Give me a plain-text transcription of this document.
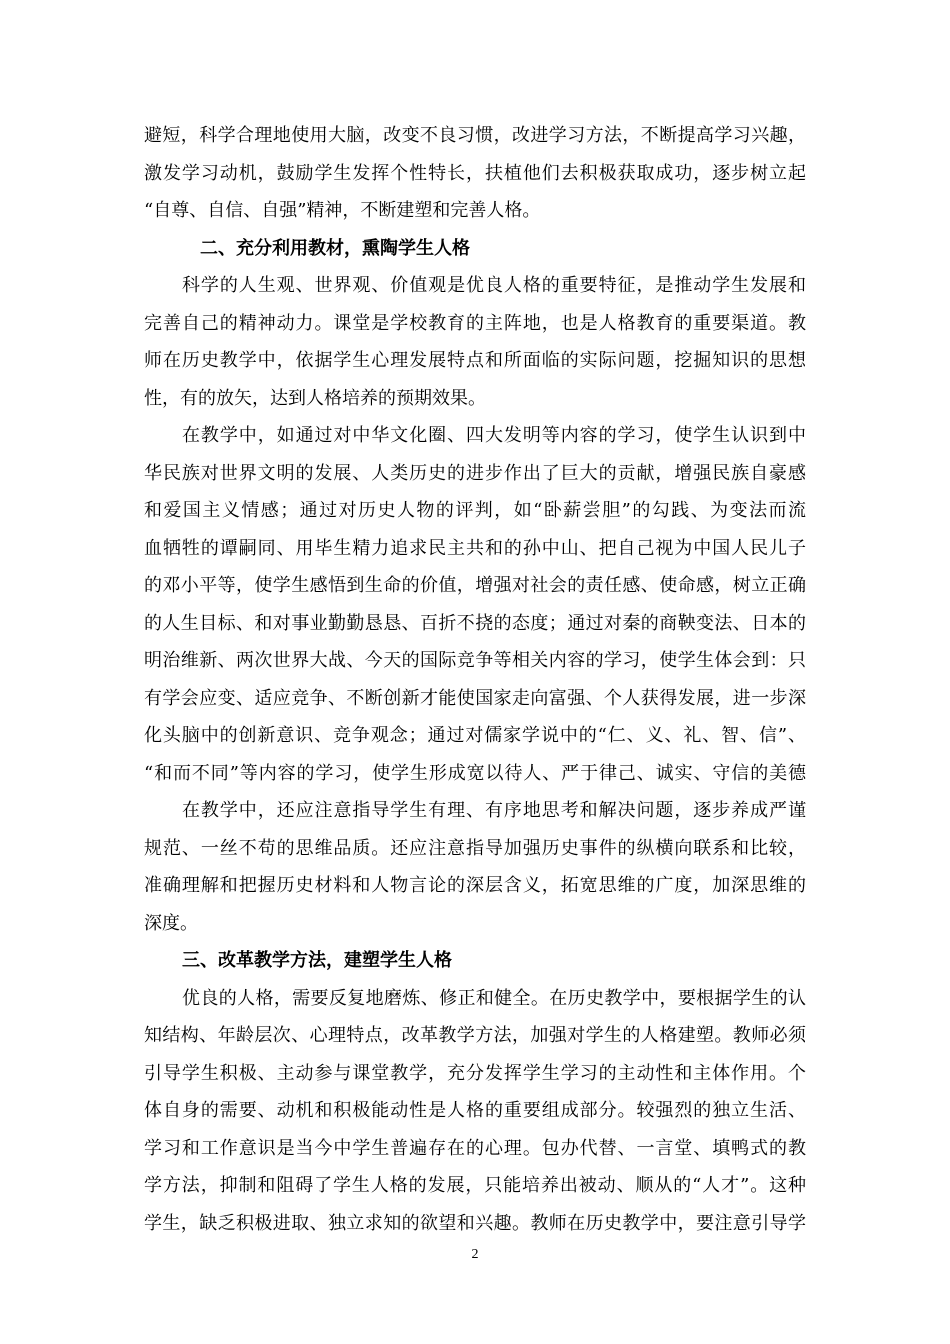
避短，科学合理地使用大脑，改变不良习惯，改进学习方法，不断提高学习兴趣，
激发学习动机，鼓励学生发挥个性特长，扶植他们去积极获取成功，逐步树立起
“自尊、自信、自强”精神，不断建塑和完善人格。
二、充分利用教材，熏陶学生人格
科学的人生观、世界观、价值观是优良人格的重要特征，是推动学生发展和
完善自己的精神动力。课堂是学校教育的主阵地，也是人格教育的重要渠道。教
师在历史教学中，依据学生心理发展特点和所面临的实际问题，挖掘知识的思想
性，有的放矢，达到人格培养的预期效果。
在教学中，如通过对中华文化圈、四大发明等内容的学习，使学生认识到中
华民族对世界文明的发展、人类历史的进步作出了巨大的贡献，增强民族自豪感
和爱国主义情感；通过对历史人物的评判，如“卧薪尝胆”的勾践、为变法而流
血牺牲的谭嗣同、用毕生精力追求民主共和的孙中山、把自己视为中国人民儿子
的邓小平等，使学生感悟到生命的价值，增强对社会的责任感、使命感，树立正确
的人生目标、和对事业勤勤恳恳、百折不挠的态度；通过对秦的商鞅变法、日本的
明治维新、两次世界大战、今天的国际竞争等相关内容的学习，使学生体会到：只
有学会应变、适应竞争、不断创新才能使国家走向富强、个人获得发展，进一步深
化头脑中的创新意识、竞争观念；通过对儒家学说中的“仁、义、礼、智、信”、
“和而不同”等内容的学习，使学生形成宽以待人、严于律己、诚实、守信的美德
在教学中，还应注意指导学生有理、有序地思考和解决问题，逐步养成严谨
规范、一丝不苟的思维品质。还应注意指导加强历史事件的纵横向联系和比较，
准确理解和把握历史材料和人物言论的深层含义，拓宽思维的广度，加深思维的
深度。
三、改革教学方法，建塑学生人格
优良的人格，需要反复地磨炼、修正和健全。在历史教学中，要根据学生的认
知结构、年龄层次、心理特点，改革教学方法，加强对学生的人格建塑。教师必须
引导学生积极、主动参与课堂教学，充分发挥学生学习的主动性和主体作用。个
体自身的需要、动机和积极能动性是人格的重要组成部分。较强烈的独立生活、
学习和工作意识是当今中学生普遍存在的心理。包办代替、一言堂、填鸭式的教
学方法，抑制和阻碍了学生人格的发展，只能培养出被动、顺从的“人才”。这种
学生，缺乏积极进取、独立求知的欲望和兴趣。教师在历史教学中，要注意引导学
2
